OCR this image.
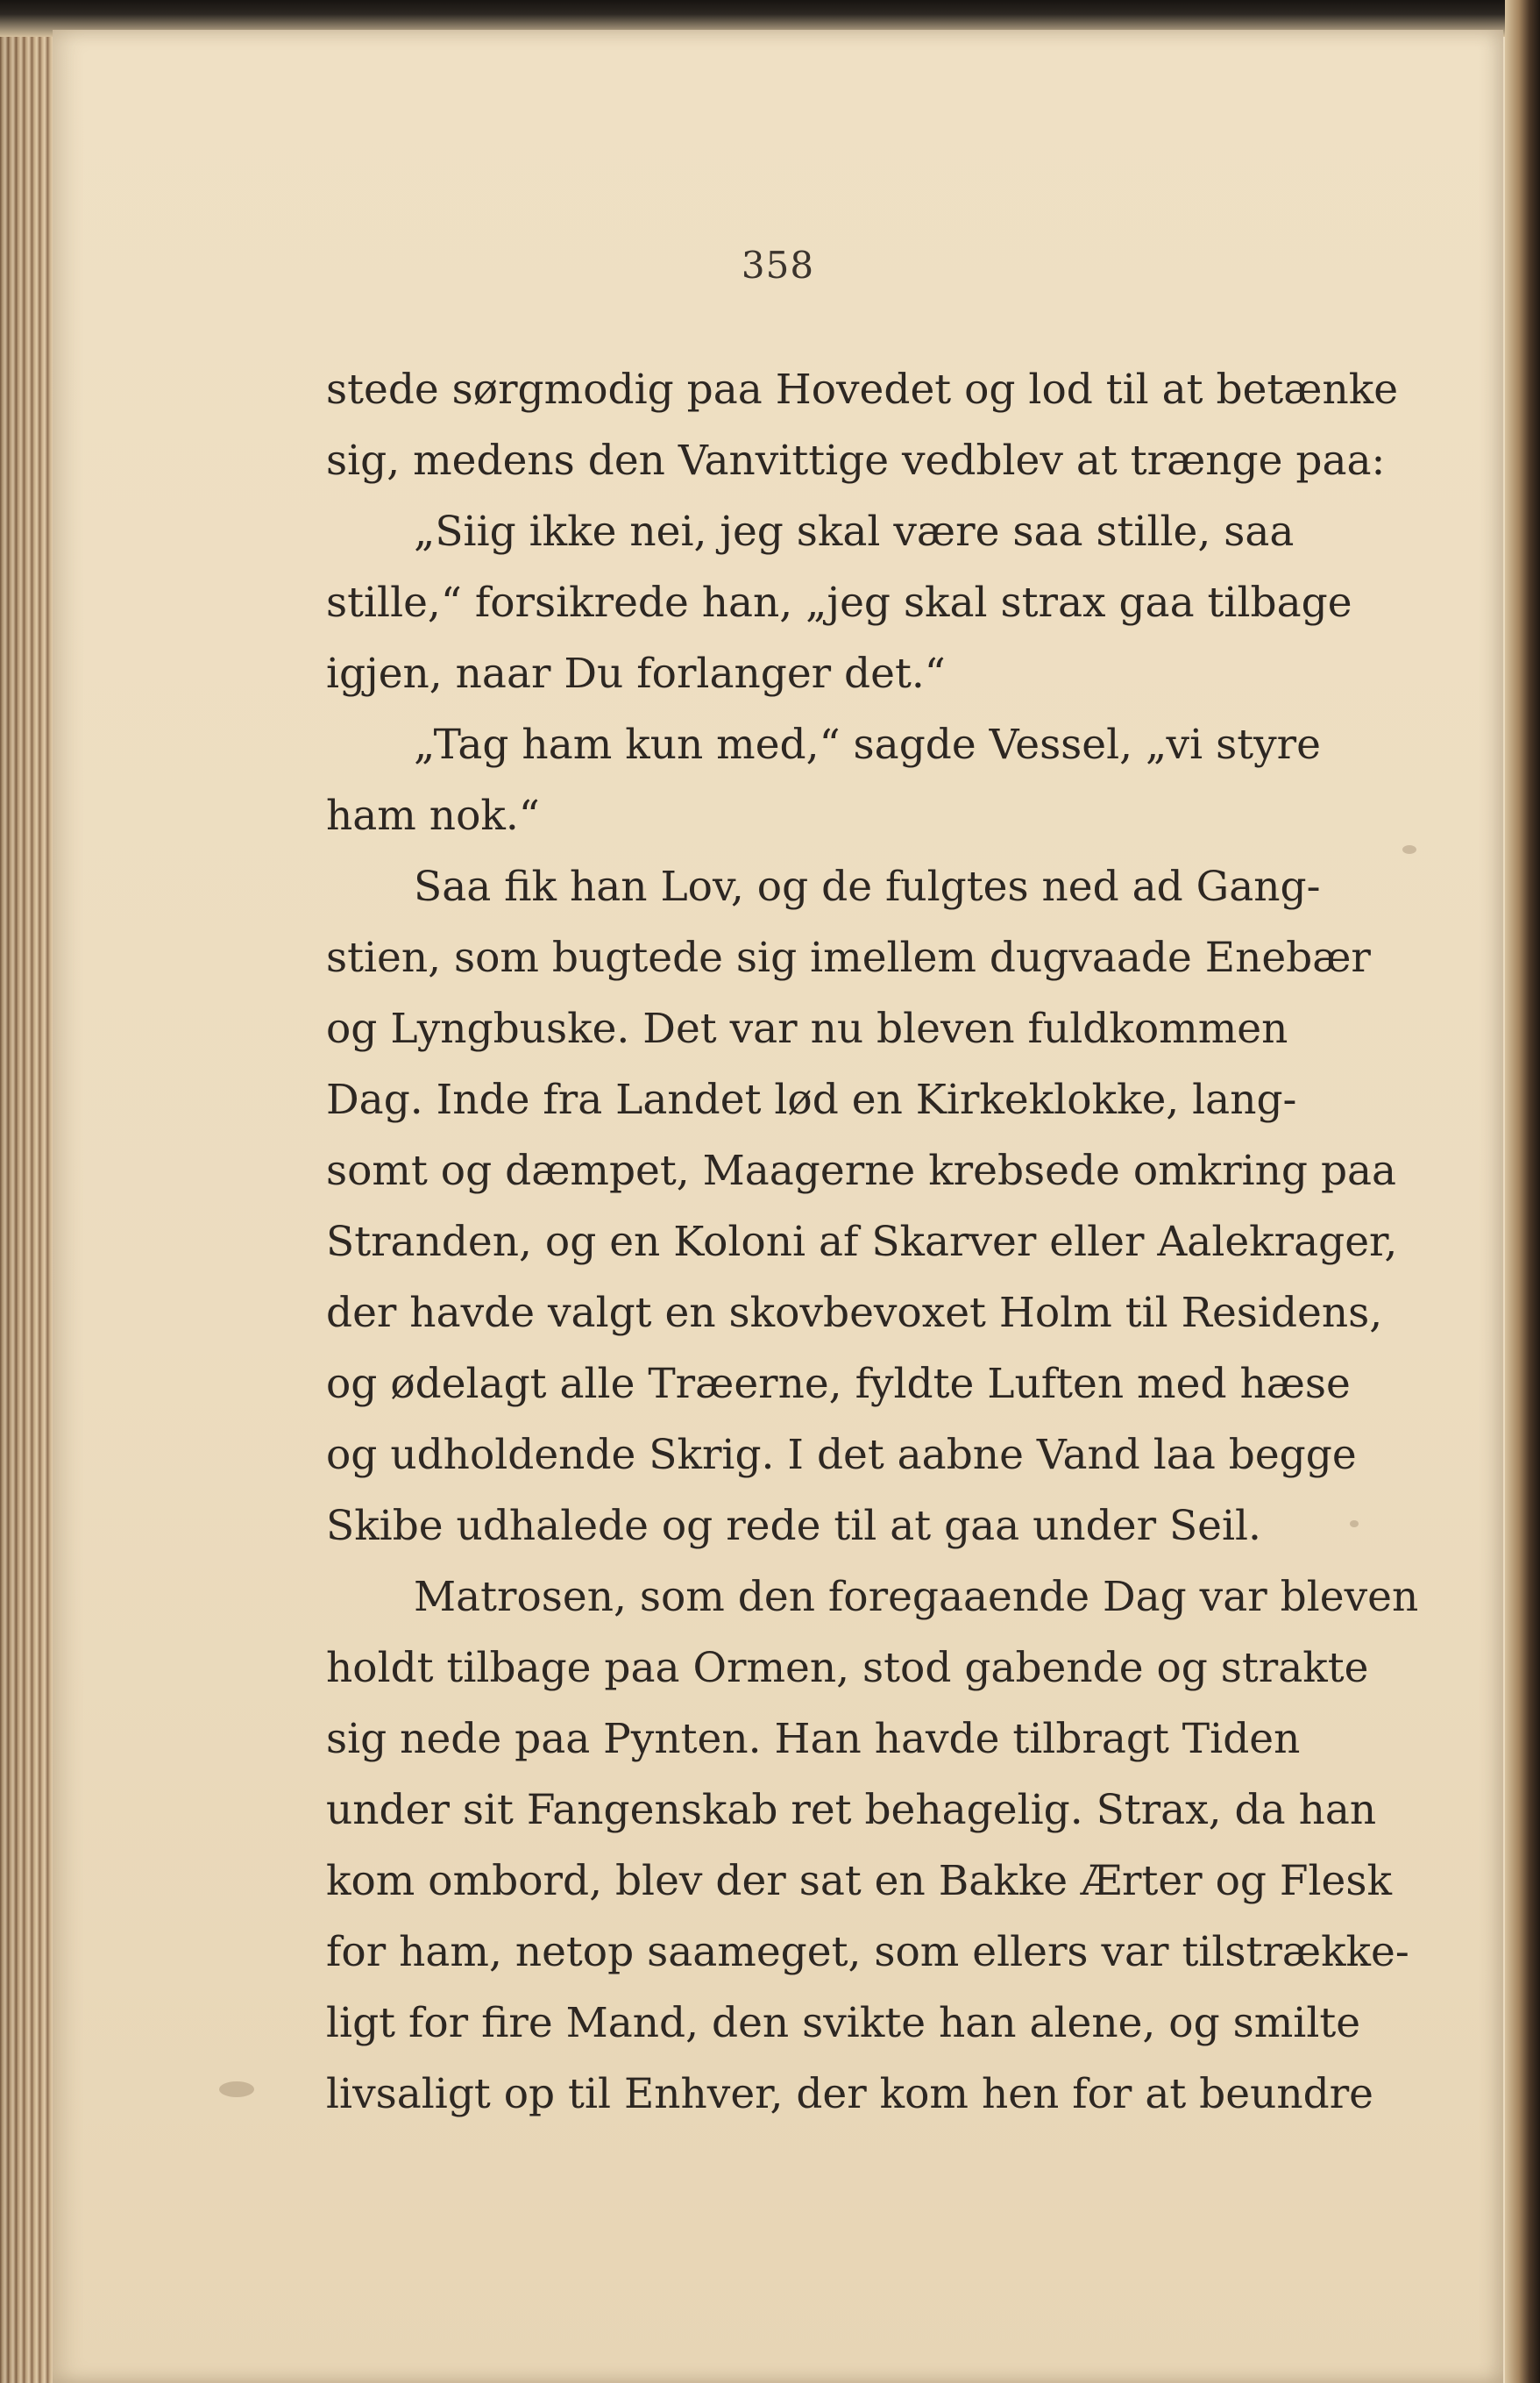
358
stede sørgmodig paa Hovedet og lod til at betænke
sig, medens den Vanvittige vedblev at trænge paa:
„Siig ikke nei, jeg skal være saa stille, saa
stille,“ forsikrede han, „jeg skal strax gaa tilbage
igjen, naar Du forlanger det.“
„Tag ham kun med,“ sagde Vessel, „vi styre
ham nok.“
Saa fik han Lov, og de fulgtes ned ad Gang-
stien, som bugtede sig imellem dugvaade Enebær
og Lyngbuske. Det var nu bleven fuldkommen
Dag. Inde fra Landet lød en Kirkeklokke, lang-
somt og dæmpet, Maagerne krebsede omkring paa
Stranden, og en Koloni af Skarver eller Aalekrager,
der havde valgt en skovbevoxet Holm til Residens,
og ødelagt alle Træerne, fyldte Luften med hæse
og udholdende Skrig. I det aabne Vand laa begge
Skibe udhalede og rede til at gaa under Seil.
Matrosen, som den foregaaende Dag var bleven
holdt tilbage paa Ormen, stod gabende og strakte
sig nede paa Pynten. Han havde tilbragt Tiden
under sit Fangenskab ret behagelig. Strax, da han
kom ombord, blev der sat en Bakke Ærter og Flesk
for ham, netop saameget, som ellers var tilstrække-
ligt for fire Mand, den svikte han alene, og smilte
livsaligt op til Enhver, der kom hen for at beundre
